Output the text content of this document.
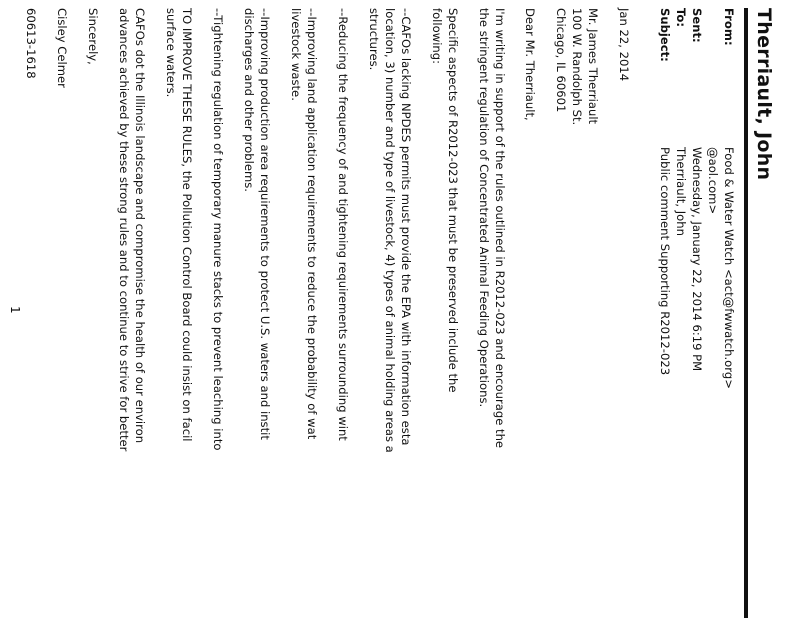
Therriault, John
From:
Food & Water Watch <act@fwwatch.org>
@aol.com>
Sent:
Wednesday, January 22, 2014 6:19 PM
To:
Therriault, John
Subject:
Public comment Supporting R2012-023
Jan 22, 2014
Mr. James Therriault
100 W. Randolph St.
Chicago, IL 60601
Dear Mr. Therriault,
I'm writing in support of the rules outlined in R2012-023 and encourage the
the stringent regulation of Concentrated Animal Feeding Operations.
Specific aspects of R2012-023 that must be preserved include the
following:
--CAFOs lacking NPDES permits must provide the EPA with information esta
location, 3) number and type of livestock, 4) types of animal holding areas a
structures.
--Reducing the frequency of and tightening requirements surrounding wint
--Improving land application requirements to reduce the probability of wat
livestock waste.
--Improving production area requirements to protect U.S. waters and instit
discharges and other problems.
--Tightening regulation of temporary manure stacks to prevent leaching into
TO IMPROVE THESE RULES, the Pollution Control Board could insist on facil
surface waters.
CAFOs dot the Illinois landscape and compromise the health of our environ
advances achieved by these strong rules and to continue to strive for better
Sincerely,
Cisley Celmer
60613-1618
1
